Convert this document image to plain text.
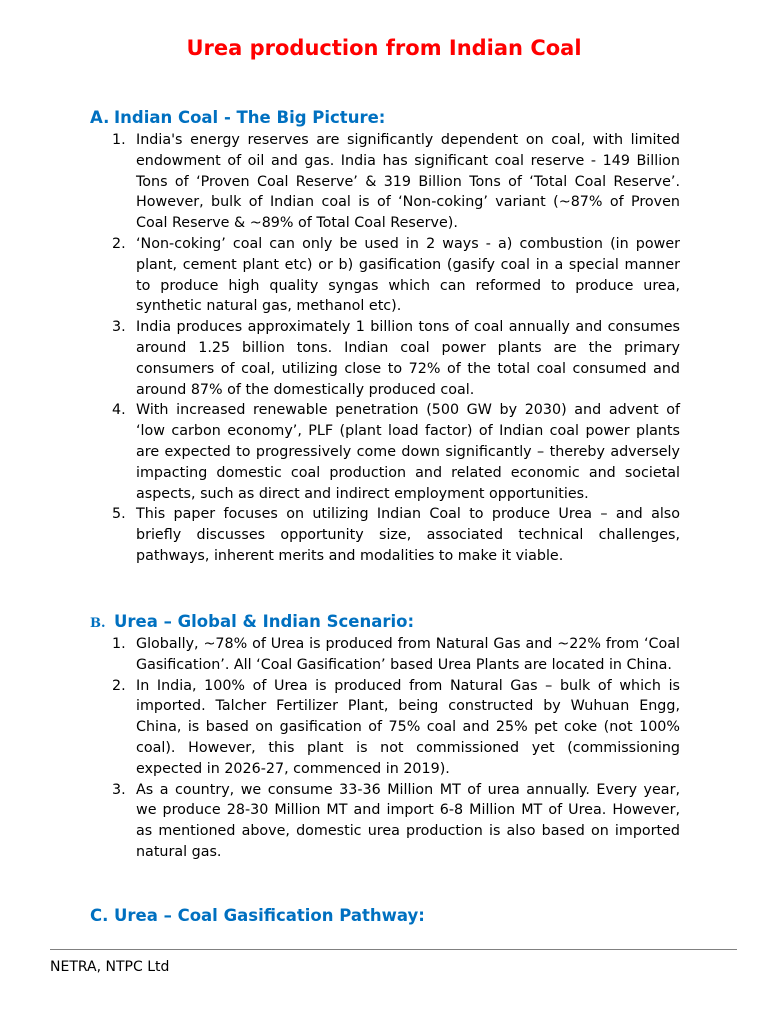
Urea production from Indian Coal
A. Indian Coal - The Big Picture:
1. India's energy reserves are significantly dependent on coal, with limited endowment of oil and gas. India has significant coal reserve - 149 Billion Tons of ‘Proven Coal Reserve’ & 319 Billion Tons of ‘Total Coal Reserve’. However, bulk of Indian coal is of ‘Non-coking’ variant (~87% of Proven Coal Reserve & ~89% of Total Coal Reserve).
2. ‘Non-coking’ coal can only be used in 2 ways - a) combustion (in power plant, cement plant etc) or b) gasification (gasify coal in a special manner to produce high quality syngas which can reformed to produce urea, synthetic natural gas, methanol etc).
3. India produces approximately 1 billion tons of coal annually and consumes around 1.25 billion tons. Indian coal power plants are the primary consumers of coal, utilizing close to 72% of the total coal consumed and around 87% of the domestically produced coal.
4. With increased renewable penetration (500 GW by 2030) and advent of ‘low carbon economy’, PLF (plant load factor) of Indian coal power plants are expected to progressively come down significantly – thereby adversely impacting domestic coal production and related economic and societal aspects, such as direct and indirect employment opportunities.
5. This paper focuses on utilizing Indian Coal to produce Urea – and also briefly discusses opportunity size, associated technical challenges, pathways, inherent merits and modalities to make it viable.
B. Urea – Global & Indian Scenario:
1. Globally, ~78% of Urea is produced from Natural Gas and ~22% from ‘Coal Gasification’. All ‘Coal Gasification’ based Urea Plants are located in China.
2. In India, 100% of Urea is produced from Natural Gas – bulk of which is imported. Talcher Fertilizer Plant, being constructed by Wuhuan Engg, China, is based on gasification of 75% coal and 25% pet coke (not 100% coal). However, this plant is not commissioned yet (commissioning expected in 2026-27, commenced in 2019).
3. As a country, we consume 33-36 Million MT of urea annually. Every year, we produce 28-30 Million MT and import 6-8 Million MT of Urea. However, as mentioned above, domestic urea production is also based on imported natural gas.
C. Urea – Coal Gasification Pathway:
NETRA, NTPC Ltd
